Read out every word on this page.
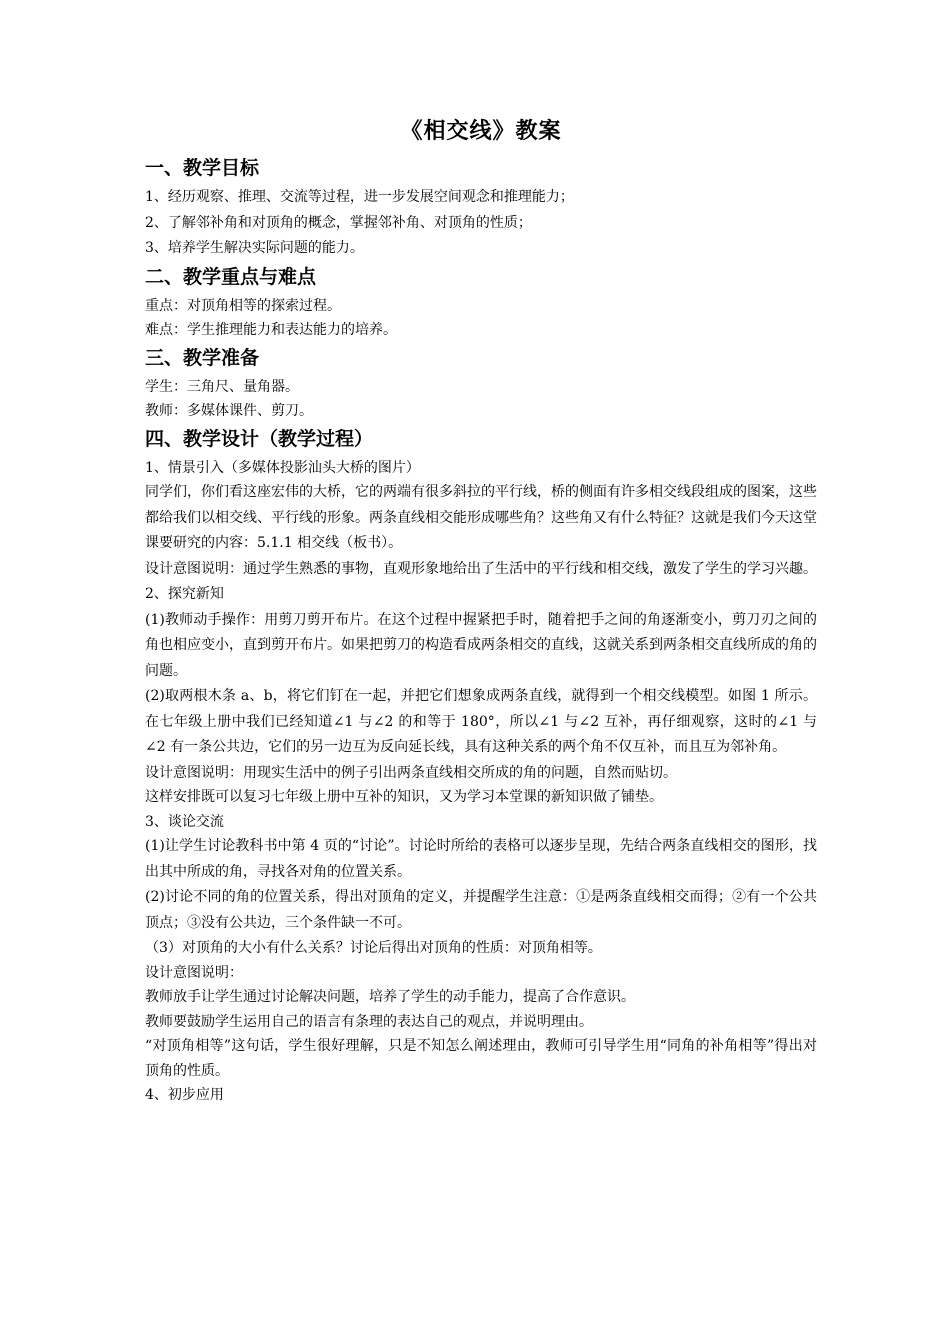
《相交线》教案
一、教学目标

1、经历观察、推理、交流等过程，进一步发展空间观念和推理能力；

2、了解邻补角和对顶角的概念，掌握邻补角、对顶角的性质；

3、培养学生解决实际问题的能力。

二、教学重点与难点

重点：对顶角相等的探索过程。

难点：学生推理能力和表达能力的培养。

三、教学准备

学生：三角尺、量角器。

教师：多媒体课件、剪刀。

四、教学设计（教学过程）

1、情景引入（多媒体投影汕头大桥的图片）

同学们，你们看这座宏伟的大桥，它的两端有很多斜拉的平行线，桥的侧面有许多相交线段组成的图案，这些都给我们以相交线、平行线的形象。两条直线相交能形成哪些角？这些角又有什么特征？这就是我们今天这堂课要研究的内容：5.1.1 相交线（板书）。

设计意图说明：通过学生熟悉的事物，直观形象地给出了生活中的平行线和相交线，激发了学生的学习兴趣。

2、探究新知

(1)教师动手操作：用剪刀剪开布片。在这个过程中握紧把手时，随着把手之间的角逐渐变小，剪刀刃之间的角也相应变小，直到剪开布片。如果把剪刀的构造看成两条相交的直线，这就关系到两条相交直线所成的角的问题。

(2)取两根木条 a、b，将它们钉在一起，并把它们想象成两条直线，就得到一个相交线模型。如图 1 所示。在七年级上册中我们已经知道∠1 与∠2 的和等于 180°，所以∠1 与∠2 互补，再仔细观察，这时的∠1 与∠2 有一条公共边，它们的另一边互为反向延长线，具有这种关系的两个角不仅互补，而且互为邻补角。

设计意图说明：用现实生活中的例子引出两条直线相交所成的角的问题，自然而贴切。

这样安排既可以复习七年级上册中互补的知识，又为学习本堂课的新知识做了铺垫。

3、谈论交流

(1)让学生讨论教科书中第 4 页的“讨论”。讨论时所给的表格可以逐步呈现，先结合两条直线相交的图形，找出其中所成的角，寻找各对角的位置关系。

(2)讨论不同的角的位置关系，得出对顶角的定义，并提醒学生注意：①是两条直线相交而得；②有一个公共顶点；③没有公共边，三个条件缺一不可。

（3）对顶角的大小有什么关系？讨论后得出对顶角的性质：对顶角相等。

设计意图说明：

教师放手让学生通过讨论解决问题，培养了学生的动手能力，提高了合作意识。

教师要鼓励学生运用自己的语言有条理的表达自己的观点，并说明理由。

“对顶角相等”这句话，学生很好理解，只是不知怎么阐述理由，教师可引导学生用“同角的补角相等”得出对顶角的性质。

4、初步应用
